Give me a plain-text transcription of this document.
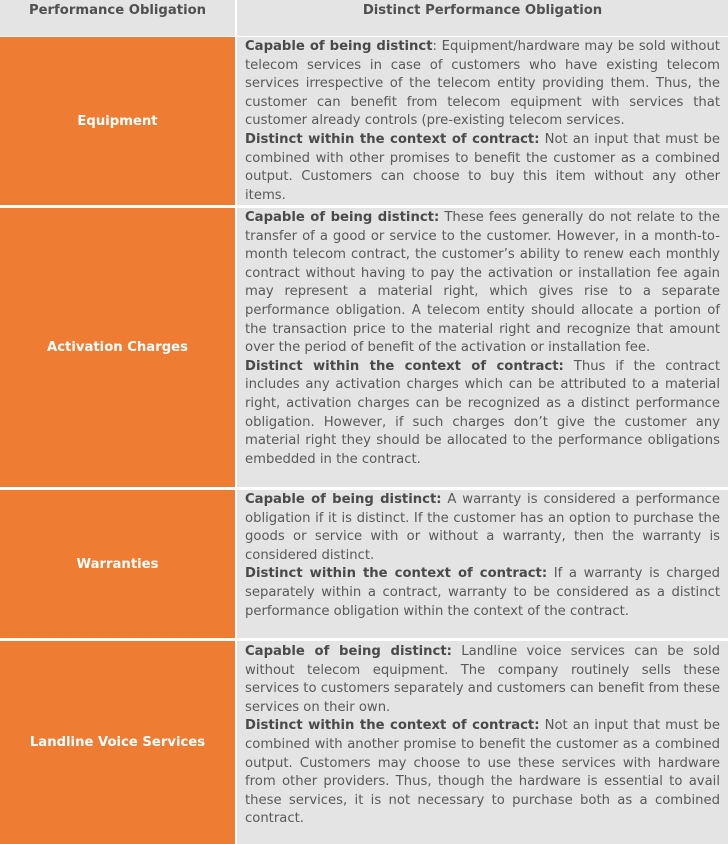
Performance Obligation	Distinct Performance Obligation
Equipment

Capable of being distinct: Equipment/hardware may be sold without telecom services in case of customers who have existing telecom services irrespective of the telecom entity providing them. Thus, the customer can benefit from telecom equipment with services that customer already controls (pre-existing telecom services.

Distinct within the context of contract: Not an input that must be combined with other promises to benefit the customer as a combined output. Customers can choose to buy this item without any other items.

Activation Charges

Capable of being distinct: These fees generally do not relate to the transfer of a good or service to the customer. However, in a month-to-month telecom contract, the customer’s ability to renew each monthly contract without having to pay the activation or installation fee again may represent a material right, which gives rise to a separate performance obligation. A telecom entity should allocate a portion of the transaction price to the material right and recognize that amount over the period of benefit of the activation or installation fee.

Distinct within the context of contract: Thus if the contract includes any activation charges which can be attributed to a material right, activation charges can be recognized as a distinct performance obligation. However, if such charges don’t give the customer any material right they should be allocated to the performance obligations embedded in the contract.

Warranties

Capable of being distinct: A warranty is considered a performance obligation if it is distinct. If the customer has an option to purchase the goods or service with or without a warranty, then the warranty is considered distinct.

Distinct within the context of contract: If a warranty is charged separately within a contract, warranty to be considered as a distinct performance obligation within the context of the contract.

Landline Voice Services

Capable of being distinct: Landline voice services can be sold without telecom equipment. The company routinely sells these services to customers separately and customers can benefit from these services on their own.

Distinct within the context of contract: Not an input that must be combined with another promise to benefit the customer as a combined output. Customers may choose to use these services with hardware from other providers. Thus, though the hardware is essential to avail these services, it is not necessary to purchase both as a combined contract.
